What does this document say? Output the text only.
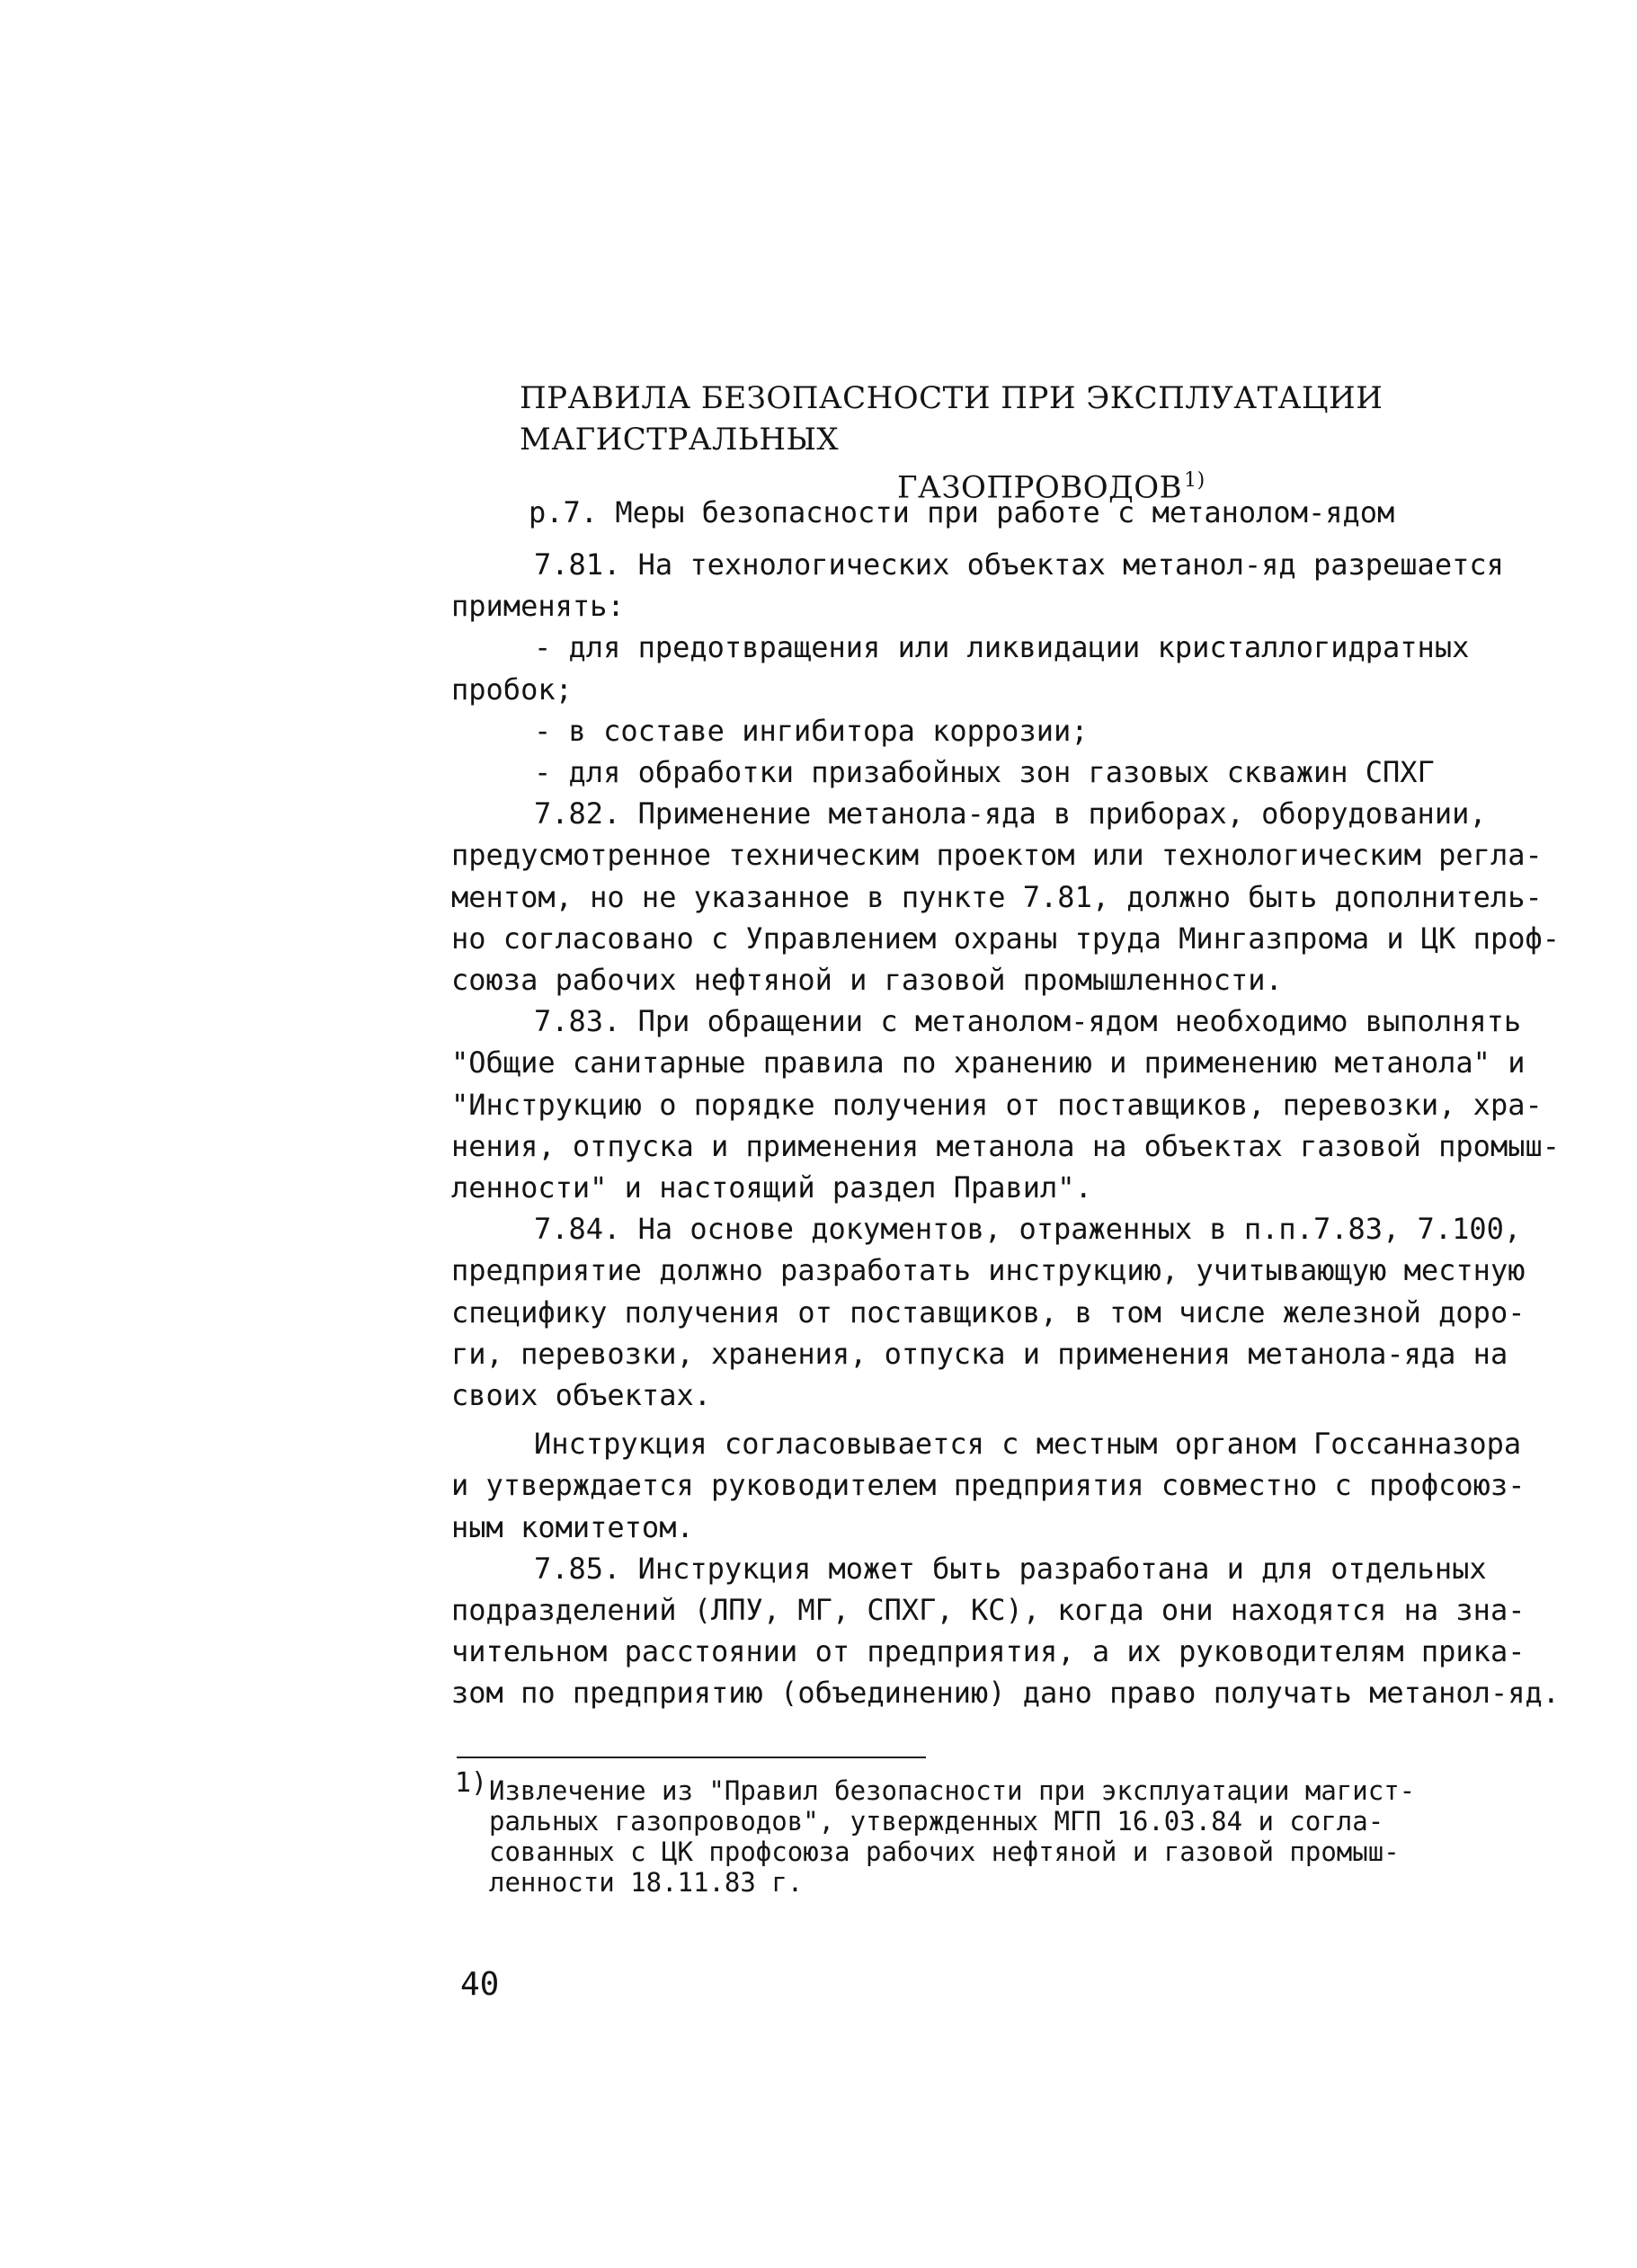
ПРАВИЛА БЕЗОПАСНОСТИ ПРИ ЭКСПЛУАТАЦИИ МАГИСТРАЛЬНЫХ
ГАЗОПРОВОДОВ$^{1)}$
р.7. Меры безопасности при работе с метанолом-ядом

7.81. На технологических объектах метанол-яд разрешается

применять:

- для предотвращения или ликвидации кристаллогидратных

пробок;

- в составе ингибитора коррозии;

- для обработки призабойных зон газовых скважин СПХГ

7.82. Применение метанола-яда в приборах, оборудовании,

предусмотренное техническим проектом или технологическим регла-

ментом, но не указанное в пункте 7.81, должно быть дополнитель-

но согласовано с Управлением охраны труда Мингазпрома и ЦК проф-

союза рабочих нефтяной и газовой промышленности.

7.83. При обращении с метанолом-ядом необходимо выполнять

"Общие санитарные правила по хранению и применению метанола" и

"Инструкцию о порядке получения от поставщиков, перевозки, хра-

нения, отпуска и применения метанола на объектах газовой промыш-

ленности" и настоящий раздел Правил".

7.84. На основе документов, отраженных в п.п.7.83, 7.100,

предприятие должно разработать инструкцию, учитывающую местную

специфику получения от поставщиков, в том числе железной доро-

ги, перевозки, хранения, отпуска и применения метанола-яда на

своих объектах.

Инструкция согласовывается с местным органом Госсанназора

и утверждается руководителем предприятия совместно с профсоюз-

ным комитетом.

7.85. Инструкция может быть разработана и для отдельных

подразделений (ЛПУ, МГ, СПХГ, КС), когда они находятся на зна-

чительном расстоянии от предприятия, а их руководителям прика-

зом по предприятию (объединению) дано право получать метанол-яд.

1) Извлечение из "Правил безопасности при эксплуатации магист-
ральных газопроводов", утвержденных МГП 16.03.84 и согла-
сованных с ЦК профсоюза рабочих нефтяной и газовой промыш-
ленности 18.11.83 г.
40
